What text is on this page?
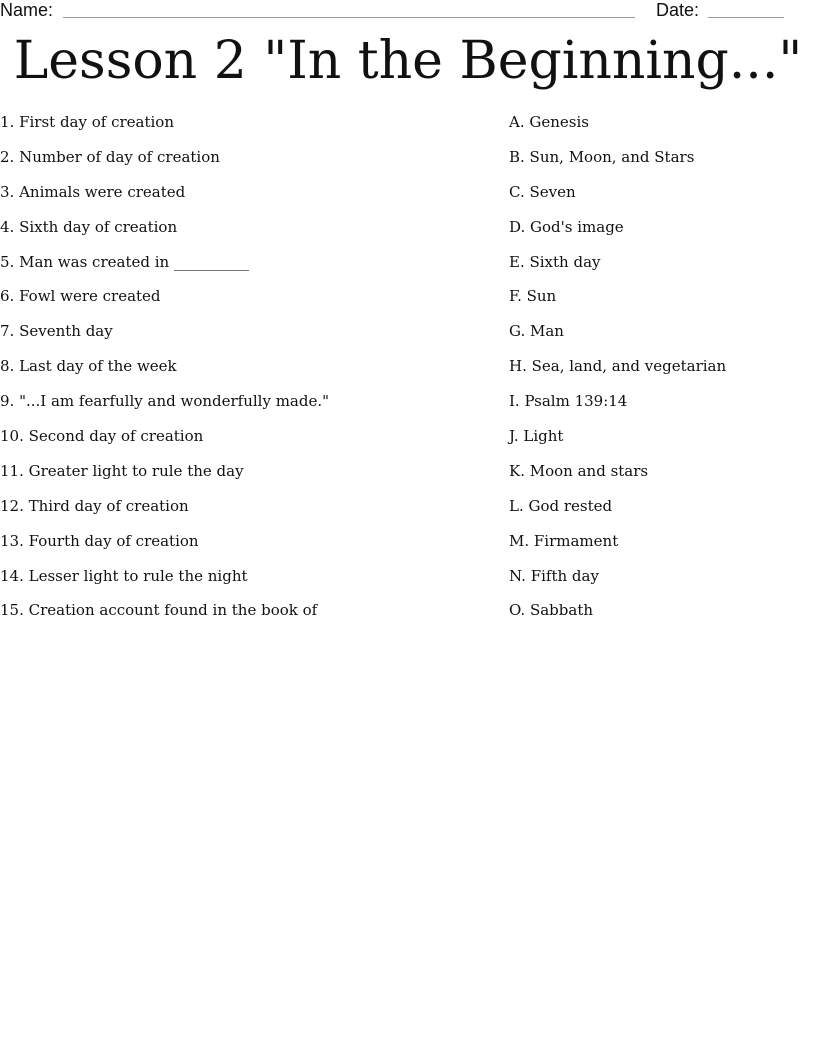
Name:	Date:
Lesson 2 "In the Beginning..."
1. First day of creation
2. Number of day of creation
3. Animals were created
4. Sixth day of creation
5. Man was created in __________
6. Fowl were created
7. Seventh day
8. Last day of the week
9. "...I am fearfully and wonderfully made."
10. Second day of creation
11. Greater light to rule the day
12. Third day of creation
13. Fourth day of creation
14. Lesser light to rule the night
15. Creation account found in the book of
A. Genesis
B. Sun, Moon, and Stars
C. Seven
D. God's image
E. Sixth day
F. Sun
G. Man
H. Sea, land, and vegetarian
I. Psalm 139:14
J. Light
K. Moon and stars
L. God rested
M. Firmament
N. Fifth day
O. Sabbath
